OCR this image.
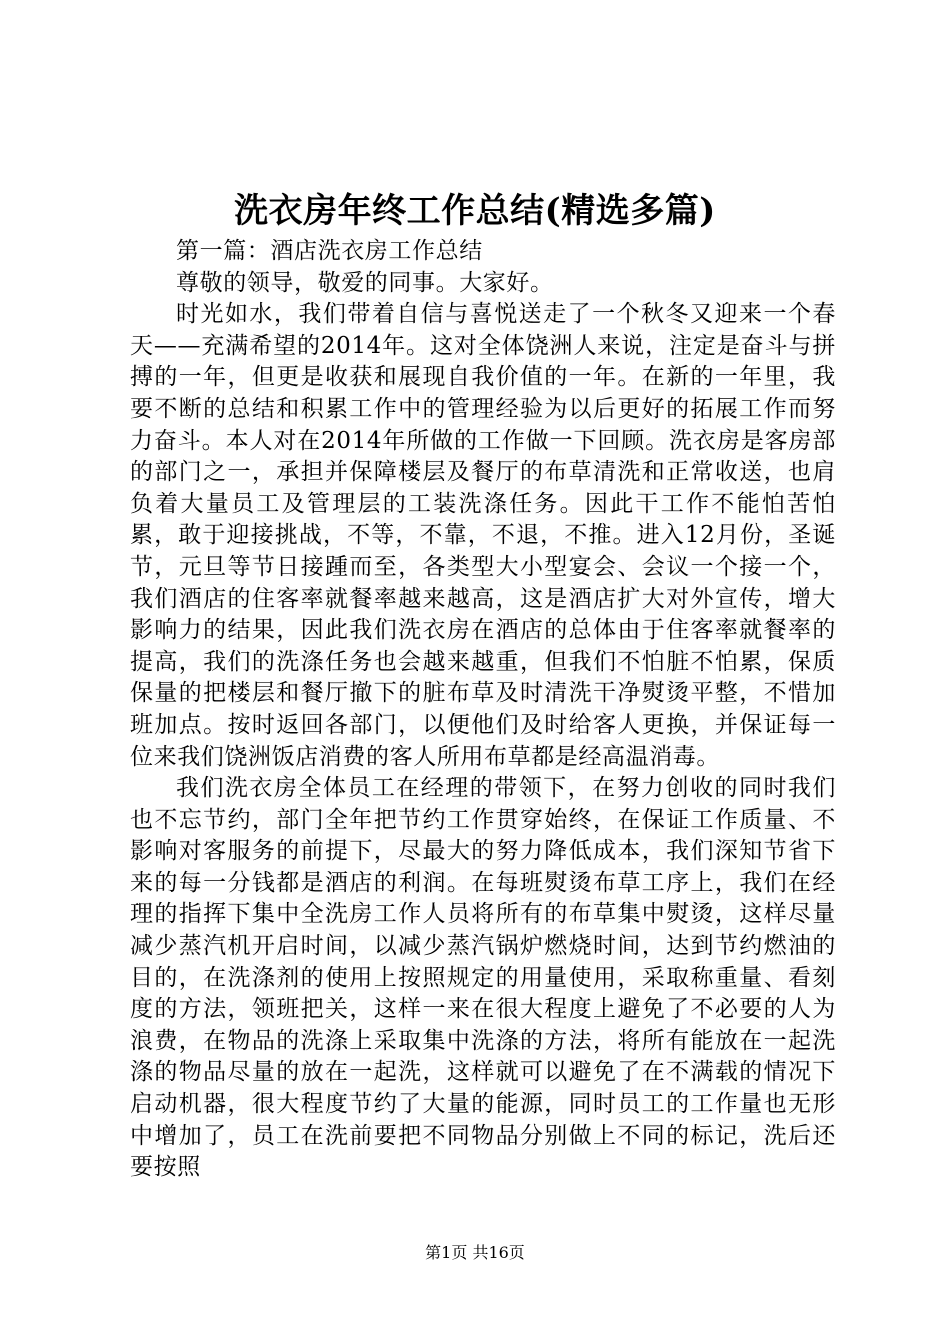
洗衣房年终工作总结(精选多篇)

第一篇：酒店洗衣房工作总结

尊敬的领导，敬爱的同事。大家好。

时光如水，我们带着自信与喜悦送走了一个秋冬又迎来一个春天——充满希望的2014年。这对全体饶洲人来说，注定是奋斗与拼搏的一年，但更是收获和展现自我价值的一年。在新的一年里，我要不断的总结和积累工作中的管理经验为以后更好的拓展工作而努力奋斗。本人对在2014年所做的工作做一下回顾。洗衣房是客房部的部门之一，承担并保障楼层及餐厅的布草清洗和正常收送，也肩负着大量员工及管理层的工装洗涤任务。因此干工作不能怕苦怕累，敢于迎接挑战，不等，不靠，不退，不推。进入12月份，圣诞节，元旦等节日接踵而至，各类型大小型宴会、会议一个接一个，我们酒店的住客率就餐率越来越高，这是酒店扩大对外宣传，增大影响力的结果，因此我们洗衣房在酒店的总体由于住客率就餐率的提高，我们的洗涤任务也会越来越重，但我们不怕脏不怕累，保质保量的把楼层和餐厅撤下的脏布草及时清洗干净熨烫平整，不惜加班加点。按时返回各部门，以便他们及时给客人更换，并保证每一位来我们饶洲饭店消费的客人所用布草都是经高温消毒。

我们洗衣房全体员工在经理的带领下，在努力创收的同时我们也不忘节约，部门全年把节约工作贯穿始终，在保证工作质量、不影响对客服务的前提下，尽最大的努力降低成本，我们深知节省下来的每一分钱都是酒店的利润。在每班熨烫布草工序上，我们在经理的指挥下集中全洗房工作人员将所有的布草集中熨烫，这样尽量减少蒸汽机开启时间，以减少蒸汽锅炉燃烧时间，达到节约燃油的目的，在洗涤剂的使用上按照规定的用量使用，采取称重量、看刻度的方法，领班把关，这样一来在很大程度上避免了不必要的人为浪费，在物品的洗涤上采取集中洗涤的方法，将所有能放在一起洗涤的物品尽量的放在一起洗，这样就可以避免了在不满载的情况下启动机器，很大程度节约了大量的能源，同时员工的工作量也无形中增加了，员工在洗前要把不同物品分别做上不同的标记，洗后还要按照

第1页 共16页
